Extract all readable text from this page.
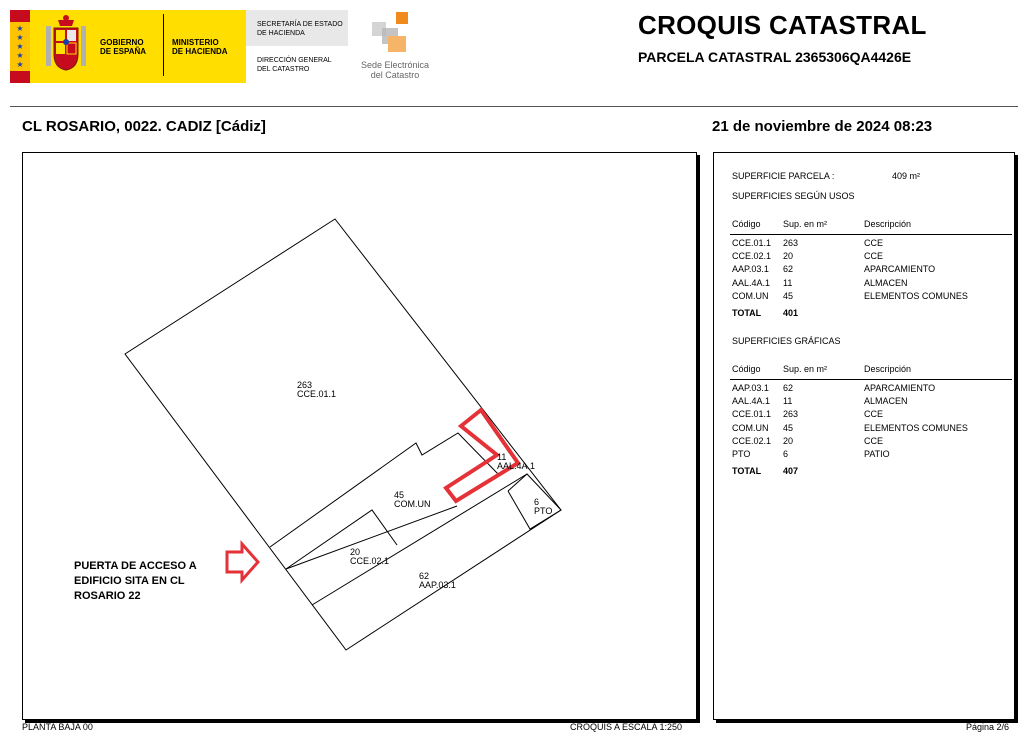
★
★
★
★
★
GOBIERNO
DE ESPAÑA
MINISTERIO
DE HACIENDA
SECRETARÍA DE ESTADO
DE HACIENDA
DIRECCIÓN GENERAL
DEL CATASTRO	Sede Electrónica
del Catastro
CROQUIS CATASTRAL
PARCELA CATASTRAL 2365306QA4426E
CL ROSARIO, 0022. CADIZ [Cádiz]	21 de noviembre de 2024 08:23
263
CCE.01.1
11
AAL.4A.1
45
COM.UN	6
PTO
20
CCE.02.1
62
AAP.03.1
PUERTA DE ACCESO A
EDIFICIO SITA EN CL
ROSARIO 22
PLANTA BAJA 00	CROQUIS A ESCALA 1:250
SUPERFICIE PARCELA :	409 m²
SUPERFICIES SEGÚN USOS
Código Sup. en m²	Descripción
CCE.01.1 263	CCE
CCE.02.1 20	CCE
AAP.03.1 62	APARCAMIENTO
AAL.4A.1 11	ALMACEN
COM.UN 45	ELEMENTOS COMUNES
TOTAL 401
SUPERFICIES GRÁFICAS
Código Sup. en m²	Descripción
AAP.03.1 62	APARCAMIENTO
AAL.4A.1 11	ALMACEN
CCE.01.1 263	CCE
COM.UN 45	ELEMENTOS COMUNES
CCE.02.1 20	CCE
PTO	6	PATIO
TOTAL 407
Página 2/6
